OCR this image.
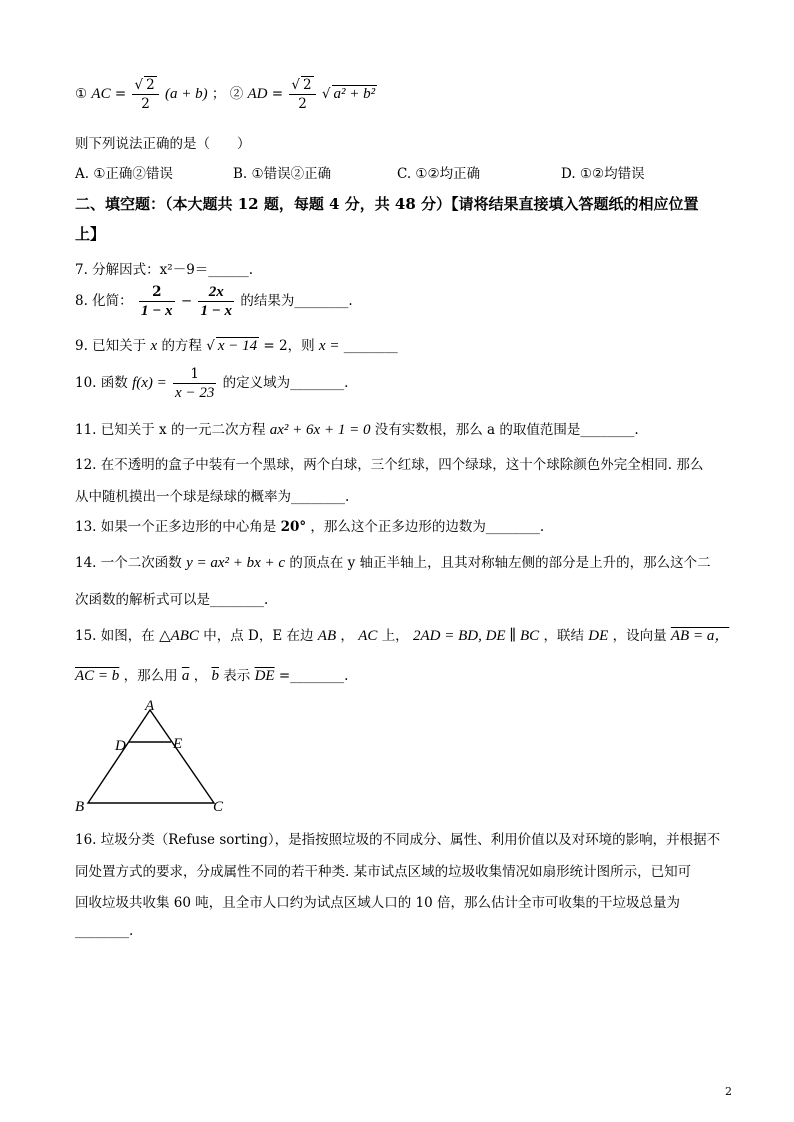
① AC = $\frac{√ 2}{2} (a + b)$ ； ② AD = $\frac{√ 2}{2}$ √ a² + b²
则下列说法正确的是（　　）
A. ①正确②错误	B. ①错误②正确	C. ①②均正确	D. ①②均错误
二、填空题：（本大题共 12 题，每题 4 分，共 48 分）【请将结果直接填入答题纸的相应位置
上】
7. 分解因式：x²－9＝______.
8. 化简： $\frac{2}{1 - x} - \frac{2x}{1 - x}$ 的结果为________.
9. 已知关于 x 的方程 √ x − 14 = 2，则 x = ________
10. 函数 $f(x) = \frac{1}{x - 23}$ 的定义域为________.
11. 已知关于 x 的一元二次方程 ax² + 6x + 1 = 0 没有实数根，那么 a 的取值范围是________.
12. 在不透明的盒子中装有一个黑球，两个白球，三个红球，四个绿球，这十个球除颜色外完全相同. 那么
从中随机摸出一个球是绿球的概率为________.
13. 如果一个正多边形的中心角是 20° ，那么这个正多边形的边数为________.
14. 一个二次函数 y = ax² + bx + c 的顶点在 y 轴正半轴上，且其对称轴左侧的部分是上升的，那么这个二
次函数的解析式可以是________.
15. 如图，在 △ABC 中，点 D，E 在边 AB ， AC 上， 2AD = BD, DE ∥ BC ，联结 DE ，设向量 AB = a，
AC = b ，那么用 $\overline{a}$ ， $\overline{b}$ 表示 $\overline{DE}$ =________.
A
B	C
D	E
16. 垃圾分类（Refuse sorting），是指按照垃圾的不同成分、属性、利用价值以及对环境的影响，并根据不
同处置方式的要求，分成属性不同的若干种类. 某市试点区域的垃圾收集情况如扇形统计图所示，已知可
回收垃圾共收集 60 吨，且全市人口约为试点区域人口的 10 倍，那么估计全市可收集的干垃圾总量为
________.
2
